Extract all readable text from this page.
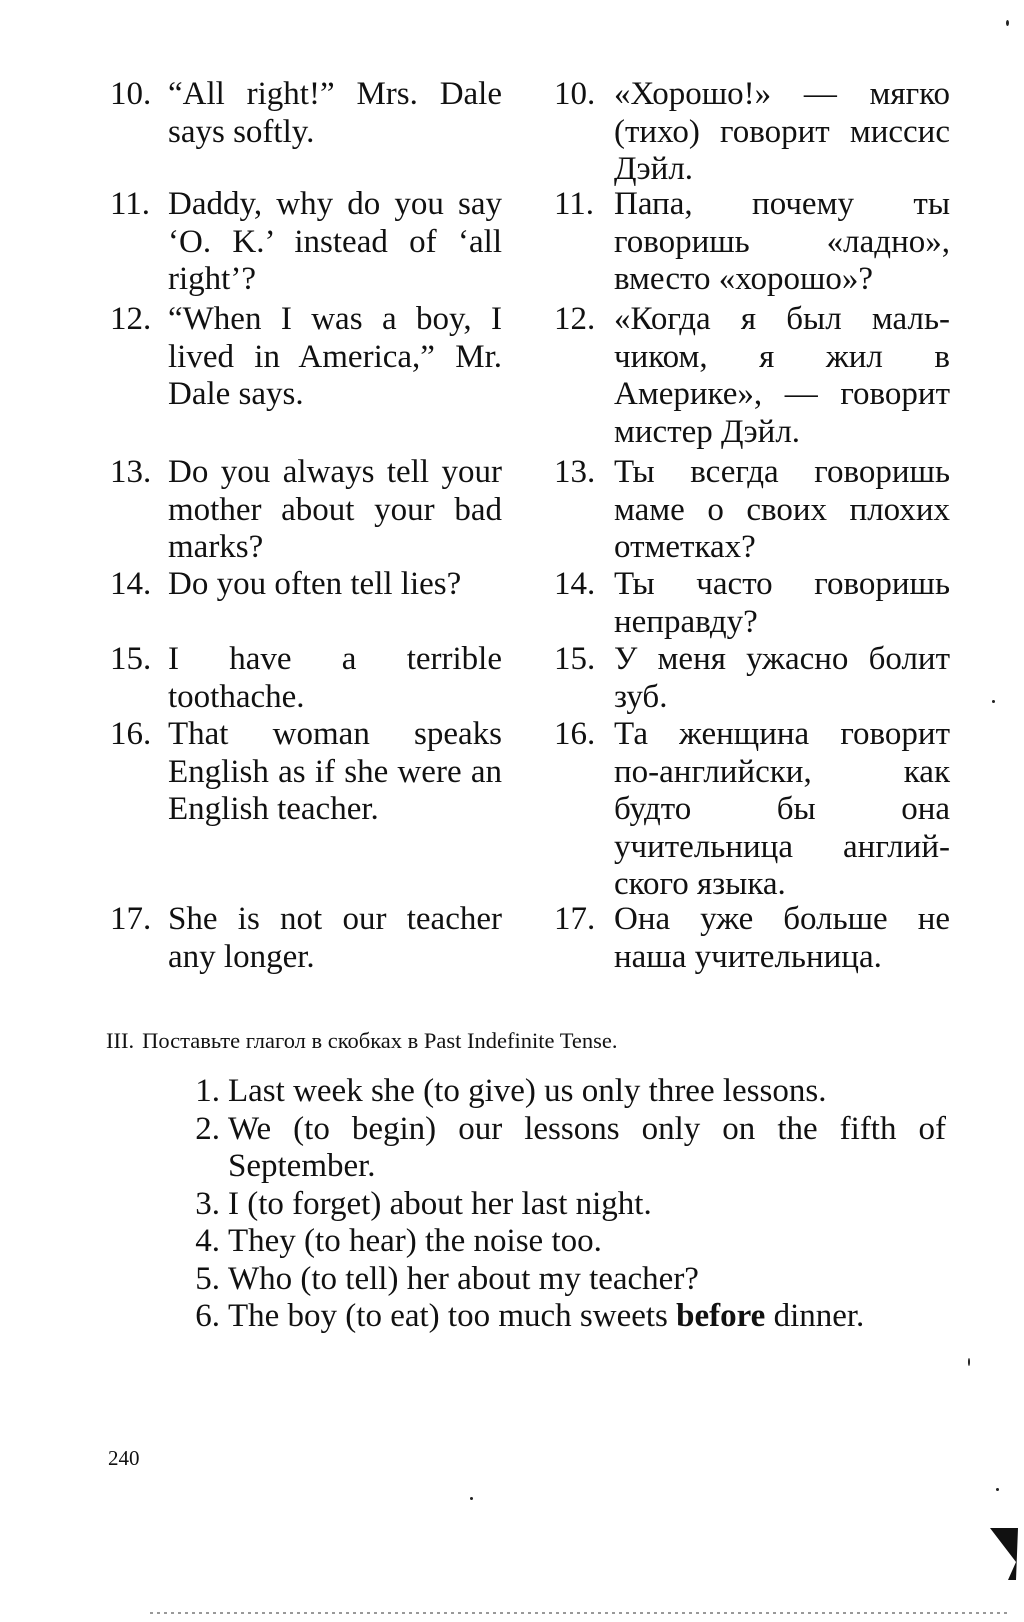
10. “All right!” Mrs. Dale says softly.
10. «Хорошо!» — мягко (тихо) говорит миссис Дэйл.
11. Daddy, why do you say ‘O. K.’ instead of ‘all right’?
11. Папа, почему ты говоришь «ладно», вместо «хорошо»?
12. “When I was a boy, I lived in America,” Mr. Dale says.
12. «Когда я был мальчиком, я жил в Америке», — говорит мистер Дэйл.
13. Do you always tell your mother about your bad marks?
13. Ты всегда говоришь маме о своих плохих отметках?
14. Do you often tell lies?	14. Ты часто говоришь неправду?
15. I have a terrible toothache.
15. У меня ужасно болит зуб.
16. That woman speaks English as if she were an English teacher.
16. Та женщина говорит по-английски, как будто бы она учительница английского языка.
17. She is not our teacher any longer.
17. Она уже больше не наша учительница.
III. Поставьте глагол в скобках в Past Indefinite Tense.
1. Last week she (to give) us only three lessons.
2. We (to begin) our lessons only on the fifth of September.
3. I (to forget) about her last night.
4. They (to hear) the noise too.
5. Who (to tell) her about my teacher?
6. The boy (to eat) too much sweets before dinner.
240
